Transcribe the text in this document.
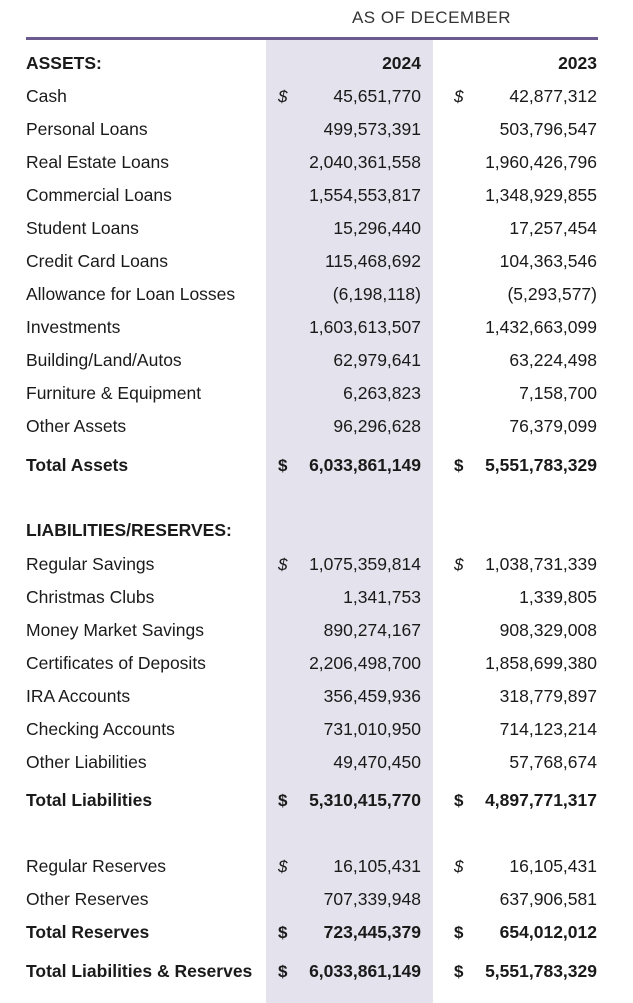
AS OF DECEMBER
ASSETS:	2024	2023
Cash	$	45,651,770 $	42,877,312
Personal Loans	499,573,391	503,796,547
Real Estate Loans	2,040,361,558	1,960,426,796
Commercial Loans	1,554,553,817	1,348,929,855
Student Loans	15,296,440	17,257,454
Credit Card Loans	115,468,692	104,363,546
Allowance for Loan Losses	(6,198,118)	(5,293,577)
Investments	1,603,613,507	1,432,663,099
Building/Land/Autos	62,979,641	63,224,498
Furniture & Equipment	6,263,823	7,158,700
Other Assets	96,296,628	76,379,099
Total Assets	$ 6,033,861,149 $ 5,551,783,329
LIABILITIES/RESERVES:
Regular Savings	$ 1,075,359,814 $ 1,038,731,339
Christmas Clubs	1,341,753	1,339,805
Money Market Savings	890,274,167	908,329,008
Certificates of Deposits	2,206,498,700	1,858,699,380
IRA Accounts	356,459,936	318,779,897
Checking Accounts	731,010,950	714,123,214
Other Liabilities	49,470,450	57,768,674
Total Liabilities	$ 5,310,415,770 $ 4,897,771,317
Regular Reserves	$	16,105,431 $	16,105,431
Other Reserves	707,339,948	637,906,581
Total Reserves	$ 723,445,379 $ 654,012,012
Total Liabilities & Reserves $ 6,033,861,149 $ 5,551,783,329
